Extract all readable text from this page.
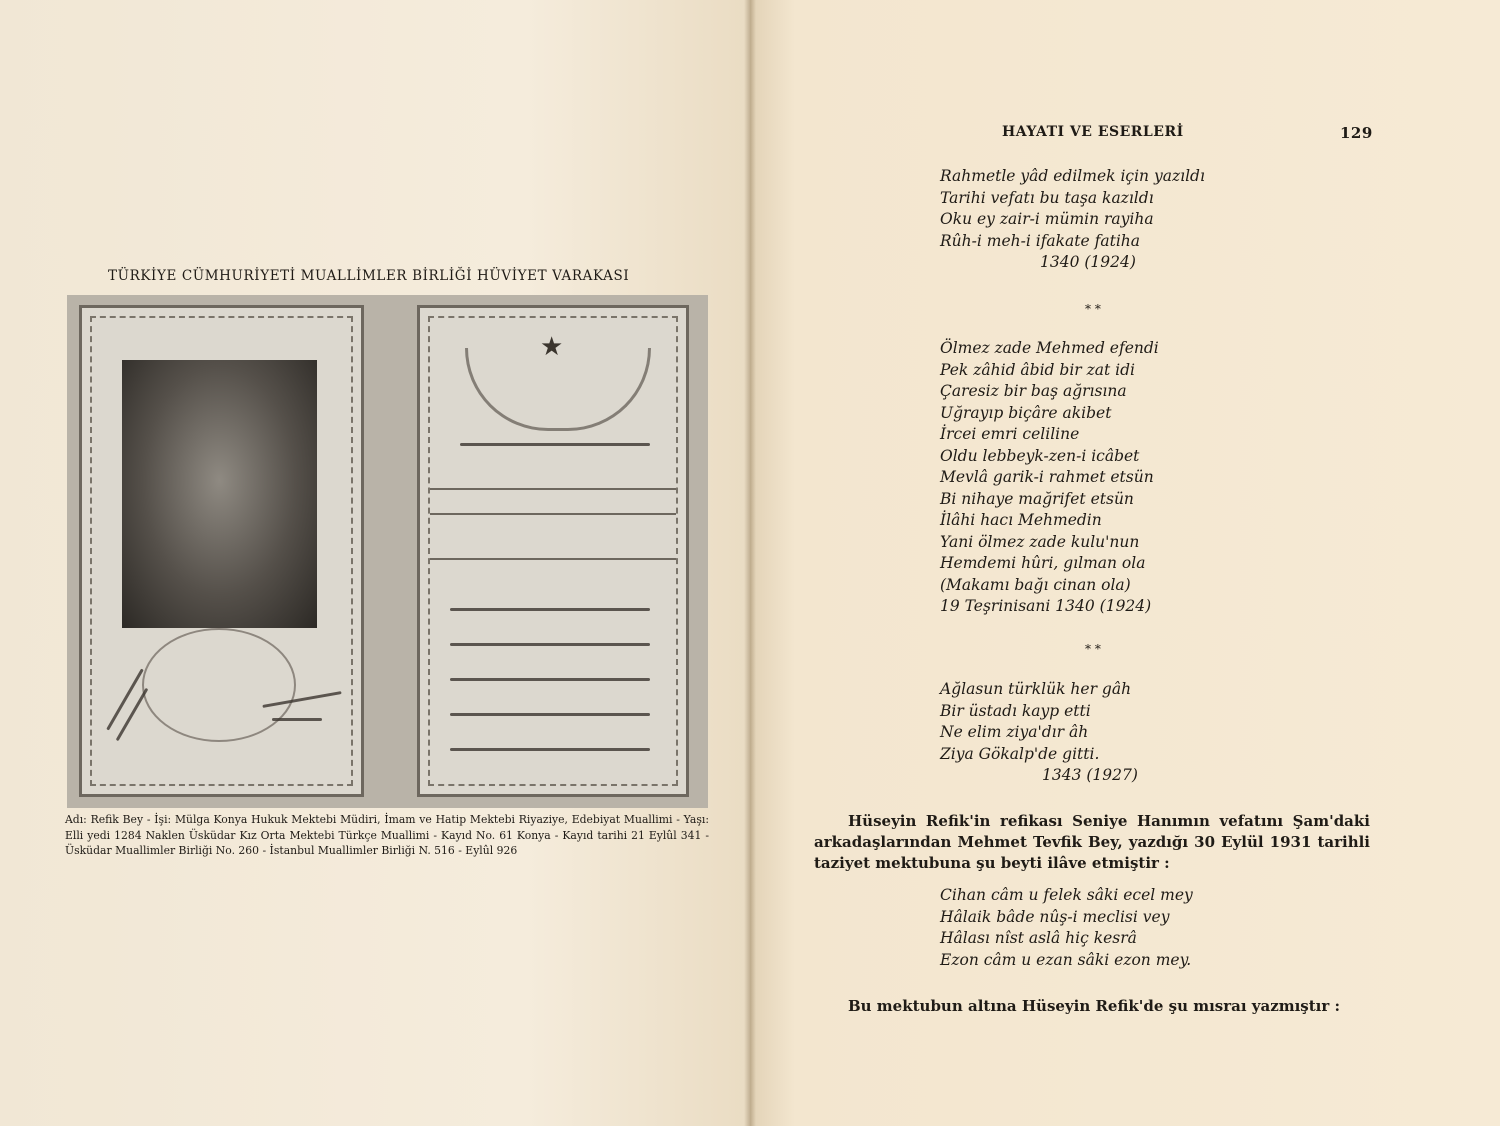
TÜRKİYE CÜMHURİYETİ MUALLİMLER BİRLİĞİ HÜVİYET VARAKASI
★
Adı: Refik Bey - İşi: Mülga Konya Hukuk Mektebi Müdiri, İmam ve Hatip Mektebi Riyaziye, Edebiyat Muallimi - Yaşı: Elli yedi 1284 Naklen Üsküdar Kız Orta Mektebi Türkçe Muallimi - Kayıd No. 61 Konya - Kayıd tarihi 21 Eylûl 341 - Üsküdar Muallimler Birliği No. 260 - İstanbul Muallimler Birliği N. 516 - Eylûl 926
HAYATI VE ESERLERİ	129
Rahmetle yâd edilmek için yazıldı
Tarihi vefatı bu taşa kazıldı
Oku ey zair-i mümin rayiha
Rûh-i meh-i ifakate fatiha
1340 (1924)
* *
Ölmez zade Mehmed efendi
Pek zâhid âbid bir zat idi
Çaresiz bir baş ağrısına
Uğrayıp biçâre akibet
İrcei emri celiline
Oldu lebbeyk-zen-i icâbet
Mevlâ garik-i rahmet etsün
Bi nihaye mağrifet etsün
İlâhi hacı Mehmedin
Yani ölmez zade kulu'nun
Hemdemi hûri, gılman ola
(Makamı bağı cinan ola)
19 Teşrinisani 1340 (1924)
* *
Ağlasun türklük her gâh
Bir üstadı kayp etti
Ne elim ziya'dır âh
Ziya Gökalp'de gitti.
1343 (1927)
Hüseyin Refik'in refikası Seniye Hanımın vefatını Şam'daki arkadaşlarından Mehmet Tevfik Bey, yazdığı 30 Eylül 1931 tarihli taziyet mektubuna şu beyti ilâve etmiştir :
Cihan câm u felek sâki ecel mey
Hâlaik bâde nûş-i meclisi vey
Hâlası nîst aslâ hiç kesrâ
Ezon câm u ezan sâki ezon mey.
Bu mektubun altına Hüseyin Refik'de şu mısraı yazmıştır :
